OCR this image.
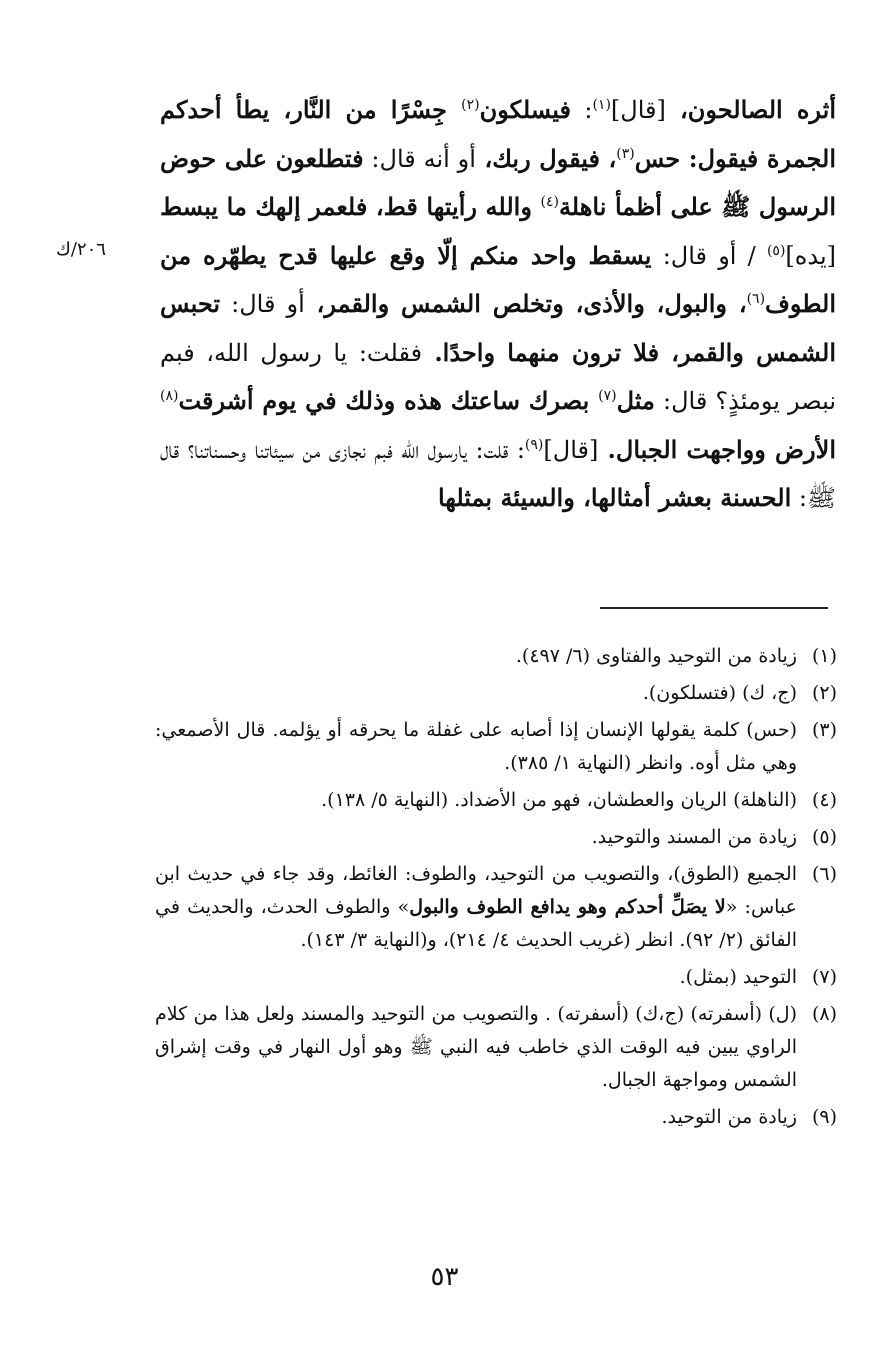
٢٠٦/ك

أثره الصالحون، [قال]$^{(١)}$: فيسلكون$^{(٢)}$ جِسْرًا من النَّار، يطأ أحدكم الجمرة فيقول: حس$^{(٣)}$، فيقول ربك، أو أنه قال: فتطلعون على حوض الرسول ﷺ على أظمأ ناهلة$^{(٤)}$ والله رأيتها قط، فلعمر إلهك ما يبسط [يده]$^{(٥)}$ / أو قال: يسقط واحد منكم إلّا وقع عليها قدح يطهّره من الطوف$^{(٦)}$، والبول، والأذى، وتخلص الشمس والقمر، أو قال: تحبس الشمس والقمر، فلا ترون منهما واحدًا. فقلت: يا رسول الله، فبم نبصر يومئذٍ؟ قال: مثل$^{(٧)}$ بصرك ساعتك هذه وذلك في يوم أشرقت$^{(٨)}$ الأرض وواجهت الجبال. [قال]$^{(٩)}$: قلت: يارسول الله فبم نجازى من سيئاتنا وحسناتنا؟ قال ﷺ: الحسنة بعشر أمثالها، والسيئة بمثلها

(١)
زيادة من التوحيد والفتاوى (٦/ ٤٩٧).
(٢)
(ج، ك) (فتسلكون).
(٣)
(حس) كلمة يقولها الإنسان إذا أصابه على غفلة ما يحرقه أو يؤلمه. قال الأصمعي: وهي مثل أوه. وانظر (النهاية ١/ ٣٨٥).
(٤)
(الناهلة) الريان والعطشان، فهو من الأضداد. (النهاية ٥/ ١٣٨).
(٥)
زيادة من المسند والتوحيد.
(٦)
الجميع (الطوق)، والتصويب من التوحيد، والطوف: الغائط، وقد جاء في حديث ابن عباس: «لا يصَلِّ أحدكم وهو يدافع الطوف والبول» والطوف الحدث، والحديث في الفائق (٢/ ٩٢). انظر (غريب الحديث ٤/ ٢١٤)، و(النهاية ٣/ ١٤٣).
(٧)
التوحيد (بمثل).
(٨)
(ل) (أسفرته) (ج،ك) (أسفرته) . والتصويب من التوحيد والمسند ولعل هذا من كلام الراوي يبين فيه الوقت الذي خاطب فيه النبي ﷺ وهو أول النهار في وقت إشراق الشمس ومواجهة الجبال.
(٩)
زيادة من التوحيد.
٥٣
